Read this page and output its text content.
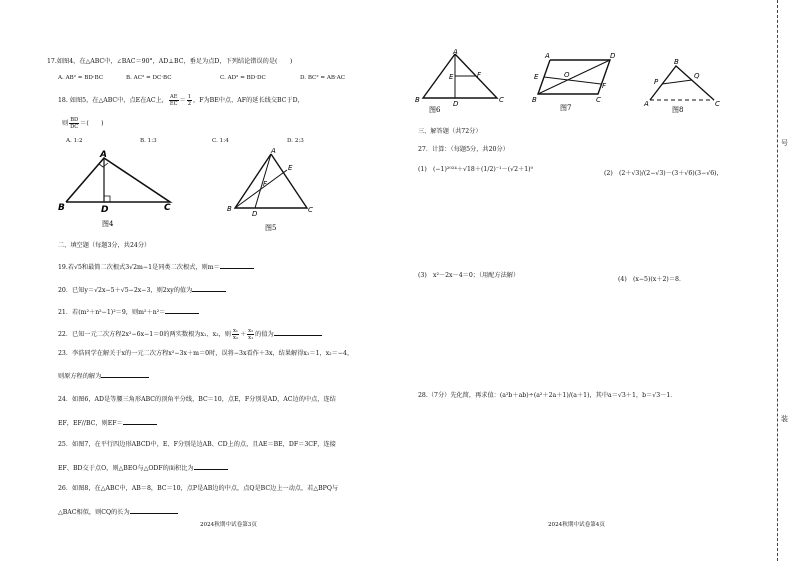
17.如图4，在△ABC中，∠BAC＝90°，AD⊥BC，垂足为点D，下列结论错误的是(　　)
A. AB² = BD·BC	B. AC² = DC·BC	C. AD² = BD·DC	D. BC² = AB·AC
18. 如图5，在△ABC中，点E在AC上， $\frac{AE}{EC} = \frac{1}{2}$ ，F为BE中点，AF的延长线交BC于D，
则 $\frac{BD}{DC}$ ＝(　　)
A. 1:2	B. 1:3	C. 1:4	D. 2:3
A
B	D	C
图4
A
E
F
B
D	C
图5
二、填空题（每题3分，共24分）
19.若√5和最简二次根式3√2m−1是同类二次根式，则m＝
20．已知y＝√2x−5＋√5−2x−3，则2xy的值为
21．若(m²＋n²−1)²＝9，则m²＋n²＝
22．已知一元二次方程2x²−6x−1＝0的两实数根为x₁、x₂，则 $\frac{\text{x₁}}{\text{x₂}} + \frac{\text{x₂}}{\text{x₁}}$ 的值为
23．李浩同学在解关于x的一元二次方程x²−3x＋m＝0时，误将−3x看作＋3x，结果解得x₁＝1，x₂＝−4，
则原方程的解为
24．如图6，AD是等腰三角形ABC的顶角平分线，BC＝10，点E，F分别是AD，AC边的中点，连结
EF，EF//BC，则EF＝
25．如图7，在平行四边形ABCD中，E、F分别是边AB、CD上的点，且AE＝BE，DF＝3CF，连接
EF、BD交于点O，则△BEO与△ODF的面积比为
26．如图8，在△ABC中，AB＝8，BC＝10，点P是AB边的中点，点Q是BC边上一动点，若△BPQ与
△BAC相似，则CQ的长为
2024秋期中试卷第3页
A
E	F
B	D	C
图6
A	D
E	O
F
B	C
图7
B
P
Q
A	C
图8
三、解答题（共72分）
27．计算：（每题5分，共20分）
(1)　(−1)²⁰²⁴＋√18＋(1/2)⁻¹－(√2＋1)⁰
(2)　(2＋√3)/(2−√3)－(3＋√6)(3−√6)，
(3)　x²－2x－4＝0；（用配方法解）
(4)　(x−5)(x＋2)＝8．
28.（7分）先化简，再求值：(a²b＋ab)÷(a²＋2a＋1)/(a＋1)，其中a＝√3＋1，b＝√3－1．
2024秋期中试卷第4页
号
装
